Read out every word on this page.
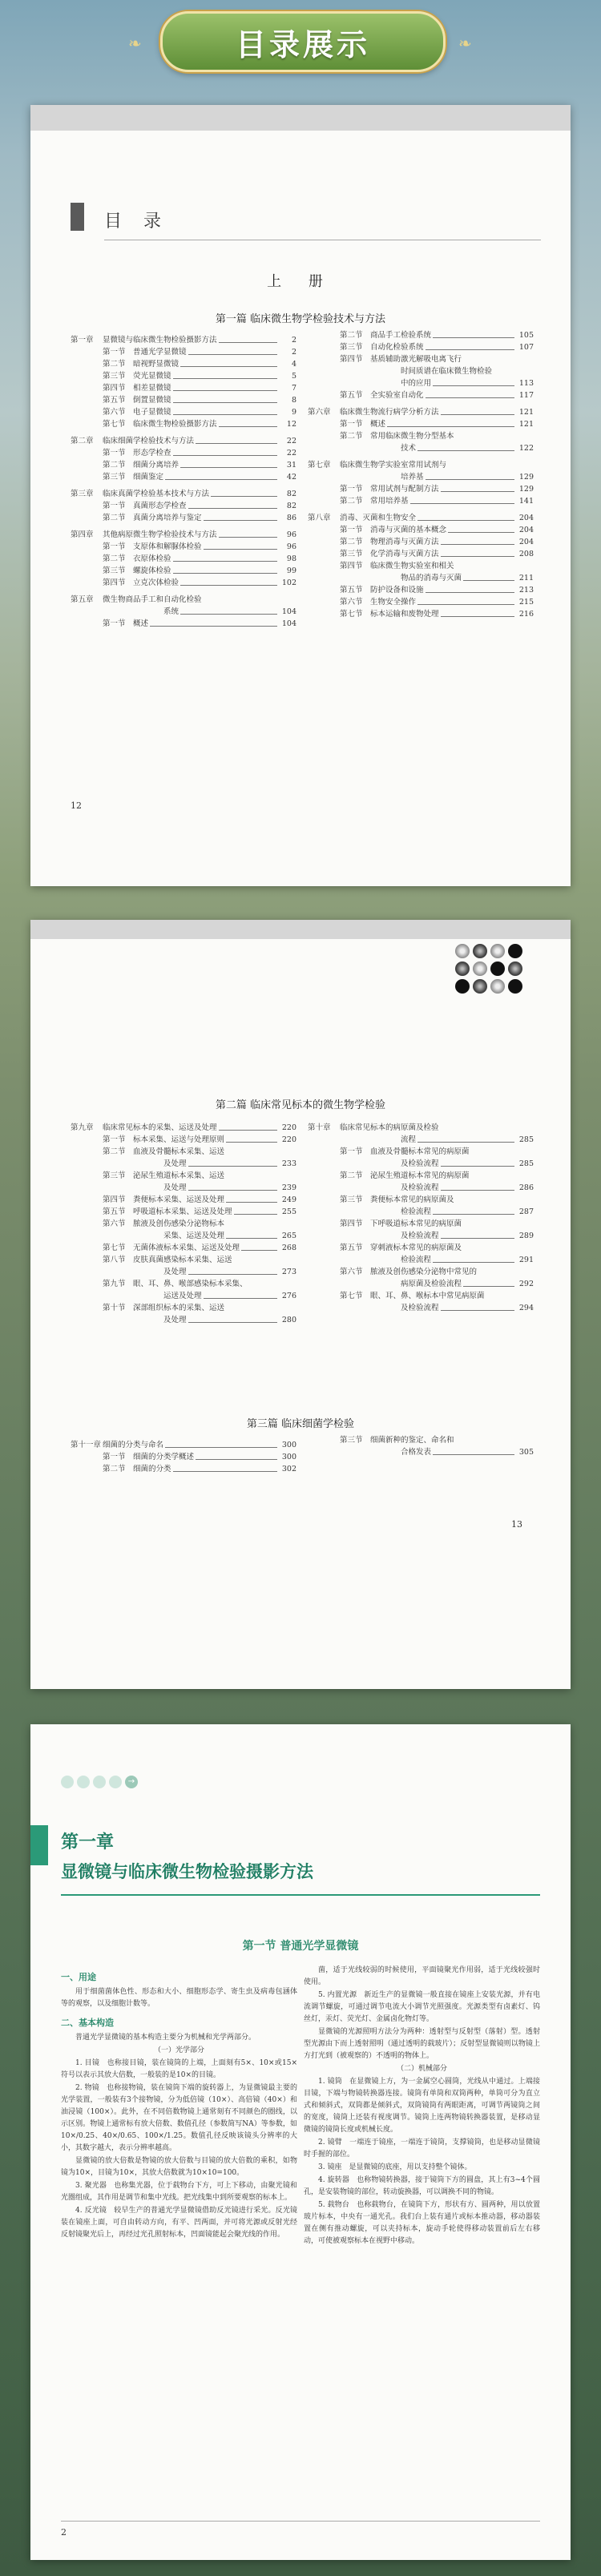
目录展示
❧	❧
目 录
上 册
第一篇 临床微生物学检验技术与方法
第一章	显微镜与临床微生物检验摄影方法	2
第一节 普通光学显微镜	2
第二节 暗视野显微镜	4
第三节 荧光显微镜	5
第四节 相差显微镜	7
第五节 倒置显微镜	8
第六节 电子显微镜	9
第七节 临床微生物检验摄影方法	12
第二章	临床细菌学检验技术与方法	22
第一节 形态学检查	22
第二节 细菌分离培养	31
第三节 细菌鉴定	42
第三章	临床真菌学检验基本技术与方法	82
第一节 真菌形态学检查	82
第二节 真菌分离培养与鉴定	86
第四章	其他病原微生物学检验技术与方法	96
第一节 支原体和解脲体检验	96
第二节 衣原体检验	98
第三节 螺旋体检验	99
第四节 立克次体检验	102
第五章	微生物商品手工和自动化检验
系统	104
第一节 概述	104
第二节 商品手工检验系统	105
第三节 自动化检验系统	107
第四节 基质辅助激光解吸电离飞行
时间质谱在临床微生物检验
中的应用	113
第五节 全实验室自动化	117
第六章	临床微生物流行病学分析方法	121
第一节 概述	121
第二节 常用临床微生物分型基本
技术	122
第七章	临床微生物学实验室常用试剂与
培养基	129
第一节 常用试剂与配制方法	129
第二节 常用培养基	141
第八章	消毒、灭菌和生物安全	204
第一节 消毒与灭菌的基本概念	204
第二节 物理消毒与灭菌方法	204
第三节 化学消毒与灭菌方法	208
第四节 临床微生物实验室和相关
物品的消毒与灭菌	211
第五节 防护设备和设施	213
第六节 生物安全操作	215
第七节 标本运输和废物处理	216
12
第二篇 临床常见标本的微生物学检验
第九章	临床常见标本的采集、运送及处理	220
第一节 标本采集、运送与处理原则	220
第二节 血液及骨髓标本采集、运送
及处理	233
第三节 泌尿生殖道标本采集、运送
及处理	239
第四节 粪便标本采集、运送及处理	249
第五节 呼吸道标本采集、运送及处理	255
第六节 脓液及创伤感染分泌物标本
采集、运送及处理	265
第七节 无菌体液标本采集、运送及处理	268
第八节 皮肤真菌感染标本采集、运送
及处理	273
第九节 眼、耳、鼻、喉部感染标本采集、
运送及处理	276
第十节 深部组织标本的采集、运送
及处理	280
第十章	临床常见标本的病原菌及检验
流程	285
第一节 血液及骨髓标本常见的病原菌
及检验流程	285
第二节 泌尿生殖道标本常见的病原菌
及检验流程	286
第三节 粪便标本常见的病原菌及
检验流程	287
第四节 下呼吸道标本常见的病原菌
及检验流程	289
第五节 穿刺液标本常见的病原菌及
检验流程	291
第六节 脓液及创伤感染分泌物中常见的
病原菌及检验流程	292
第七节 眼、耳、鼻、喉标本中常见病原菌
及检验流程	294
第三篇 临床细菌学检验
第十一章 细菌的分类与命名	300
第一节 细菌的分类学概述	300
第二节 细菌的分类	302
第三节 细菌新种的鉴定、命名和
合格发表	305
13
→
第一章
显微镜与临床微生物检验摄影方法
第一节 普通光学显微镜

一、用途

用于细菌菌体色性、形态和大小、细胞形态学、寄生虫及病毒包涵体等的观察，以及细胞计数等。

二、基本构造

普通光学显微镜的基本构造主要分为机械和光学两部分。

（一）光学部分

1. 目镜　也称接目镜，装在镜筒的上端，上面刻有5×、10×或15×符号以表示其放大倍数，一般装的是10×的目镜。

2. 物镜　也称接物镜，装在镜筒下端的旋转器上，为显微镜最主要的光学装置，一般装有3个接物镜，分为低倍镜（10×）、高倍镜（40×）和油浸镜（100×）。此外，在不同倍数物镜上通常刻有不同颜色的圈线，以示区别。物镜上通常标有放大倍数、数值孔径（参数简写NA）等参数，如10×/0.25、40×/0.65、100×/1.25。数值孔径反映该镜头分辨率的大小，其数字越大，表示分辨率越高。

显微镜的放大倍数是物镜的放大倍数与目镜的放大倍数的乘积，如物镜为10×，目镜为10×，其放大倍数就为10×10=100。

3. 聚光器　也称集光器，位于载物台下方，可上下移动，由聚光镜和光圈组成，其作用是调节和集中光线。把光线集中到所要观察的标本上。

4. 反光镜　较早生产的普通光学显微镜借助反光镜进行采光。反光镜装在镜座上面，可自由转动方向，有平、凹两面，并可将光源或反射光经反射镜聚光后上，再经过光孔照射标本，凹面镜能起会聚光线的作用。

菌，适于光线较弱的时候使用，平面镜聚光作用弱，适于光线较强时使用。

5. 内置光源　新近生产的显微镜一般直接在镜座上安装光源，并有电流调节螺旋，可通过调节电流大小调节光照强度。光源类型有卤素灯、钨丝灯，汞灯、荧光灯、金属卤化物灯等。

显微镜的光源照明方法分为两种：透射型与反射型（落射）型。透射型光源由下而上透射照明（通过透明的载玻片）；反射型显微镜则以物镜上方打光到（被观察的）不透明的物体上。

（二）机械部分

1. 镜筒　在显微镜上方，为一金属空心圆筒，光线从中通过。上端接目镜，下端与物镜转换器连接。镜筒有单筒和双筒两种，单筒可分为直立式和倾斜式，双筒都是倾斜式，双筒镜筒有两眼距离，可调节两镜筒之间的宽度，镜筒上还装有视度调节。镜筒上连两物镜转换器装置，是移动显微镜的镜筒长度或机械长度。

2. 镜臂　一端连于镜座，一端连于镜筒，支撑镜筒，也是移动显微镜时手握的部位。

3. 镜座　是显微镜的底座，用以支持整个镜体。

4. 旋转器　也称物镜转换器，接于镜筒下方的圆盘，其上有3~4个圆孔，是安装物镜的部位，转动旋换器，可以调换不同的物镜。

5. 载物台　也称载物台，在镜筒下方，形状有方、圆两种，用以放置玻片标本，中央有一通光孔。我们台上装有通片或标本推动器，移动器装置在侧有推动螺旋，可以夹持标本，旋动手轮使得移动装置前后左右移动，可使被观察标本在视野中移动。

2
